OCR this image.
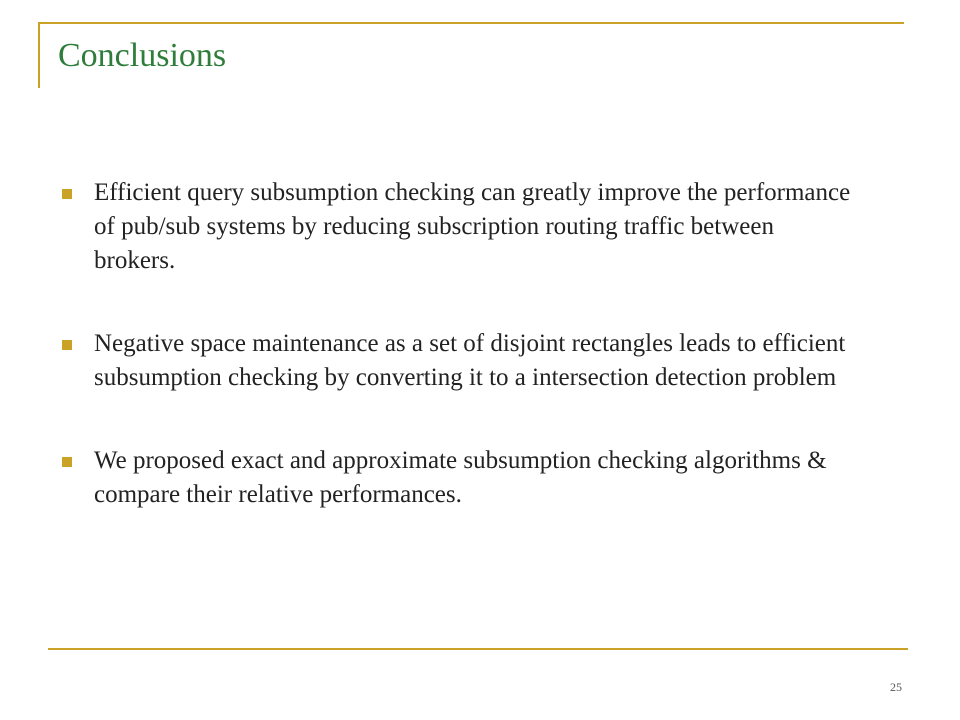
Conclusions
Efficient query subsumption checking can greatly improve the performance of pub/sub systems by reducing subscription routing traffic between brokers.
Negative space maintenance as a set of disjoint rectangles leads to efficient subsumption checking by converting it to a intersection detection problem
We proposed exact and approximate subsumption checking algorithms & compare their relative performances.
25
